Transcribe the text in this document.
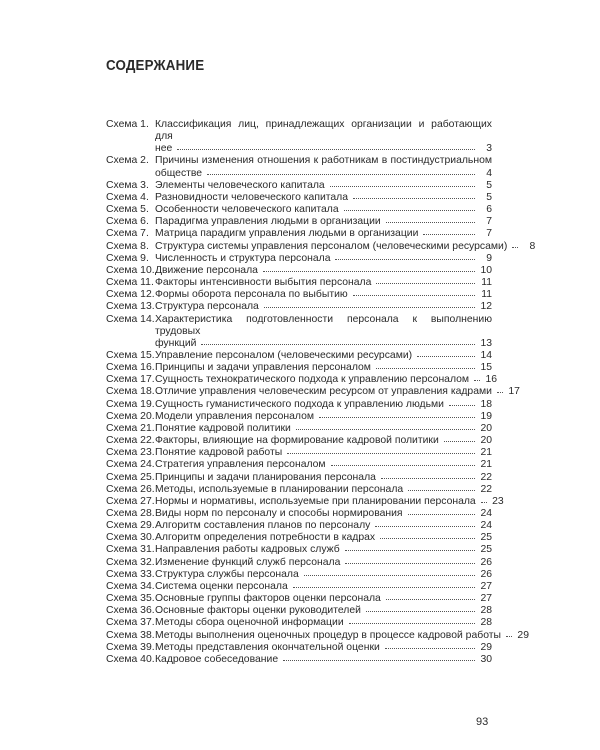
СОДЕРЖАНИЕ
Схема 1. Классификация лиц, принадлежащих организации и работающих для
нее	3
Схема 2. Причины изменения отношения к работникам в постиндустриальном
обществе	4
Схема 3. Элементы человеческого капитала	5
Схема 4. Разновидности человеческого капитала	5
Схема 5. Особенности человеческого капитала	6
Схема 6. Парадигма управления людьми в организации	7
Схема 7. Матрица парадигм управления людьми в организации	7
Схема 8. Структура системы управления персоналом (человеческими ресурсами)	8
Схема 9. Численность и структура персонала	9
Схема 10. Движение персонала	10
Схема 11. Факторы интенсивности выбытия персонала	11
Схема 12. Формы оборота персонала по выбытию	11
Схема 13. Структура персонала	12
Схема 14. Характеристика подготовленности персонала к выполнению трудовых
функций	13
Схема 15. Управление персоналом (человеческими ресурсами)	14
Схема 16. Принципы и задачи управления персоналом	15
Схема 17. Сущность технократического подхода к управлению персоналом 16
Схема 18. Отличие управления человеческим ресурсом от управления кадрами 17
Схема 19. Сущность гуманистического подхода к управлению людьми	18
Схема 20. Модели управления персоналом	19
Схема 21. Понятие кадровой политики	20
Схема 22. Факторы, влияющие на формирование кадровой политики	20
Схема 23. Понятие кадровой работы	21
Схема 24. Стратегия управления персоналом	21
Схема 25. Принципы и задачи планирования персонала	22
Схема 26. Методы, используемые в планировании персонала	22
Схема 27. Нормы и нормативы, используемые при планировании персонала 23
Схема 28. Виды норм по персоналу и способы нормирования	24
Схема 29. Алгоритм составления планов по персоналу	24
Схема 30. Алгоритм определения потребности в кадрах	25
Схема 31. Направления работы кадровых служб	25
Схема 32. Изменение функций служб персонала	26
Схема 33. Структура службы персонала	26
Схема 34. Система оценки персонала	27
Схема 35. Основные группы факторов оценки персонала	27
Схема 36. Основные факторы оценки руководителей	28
Схема 37. Методы сбора оценочной информации	28
Схема 38. Методы выполнения оценочных процедур в процессе кадровой работы 29
Схема 39. Методы представления окончательной оценки	29
Схема 40. Кадровое собеседование	30
93
